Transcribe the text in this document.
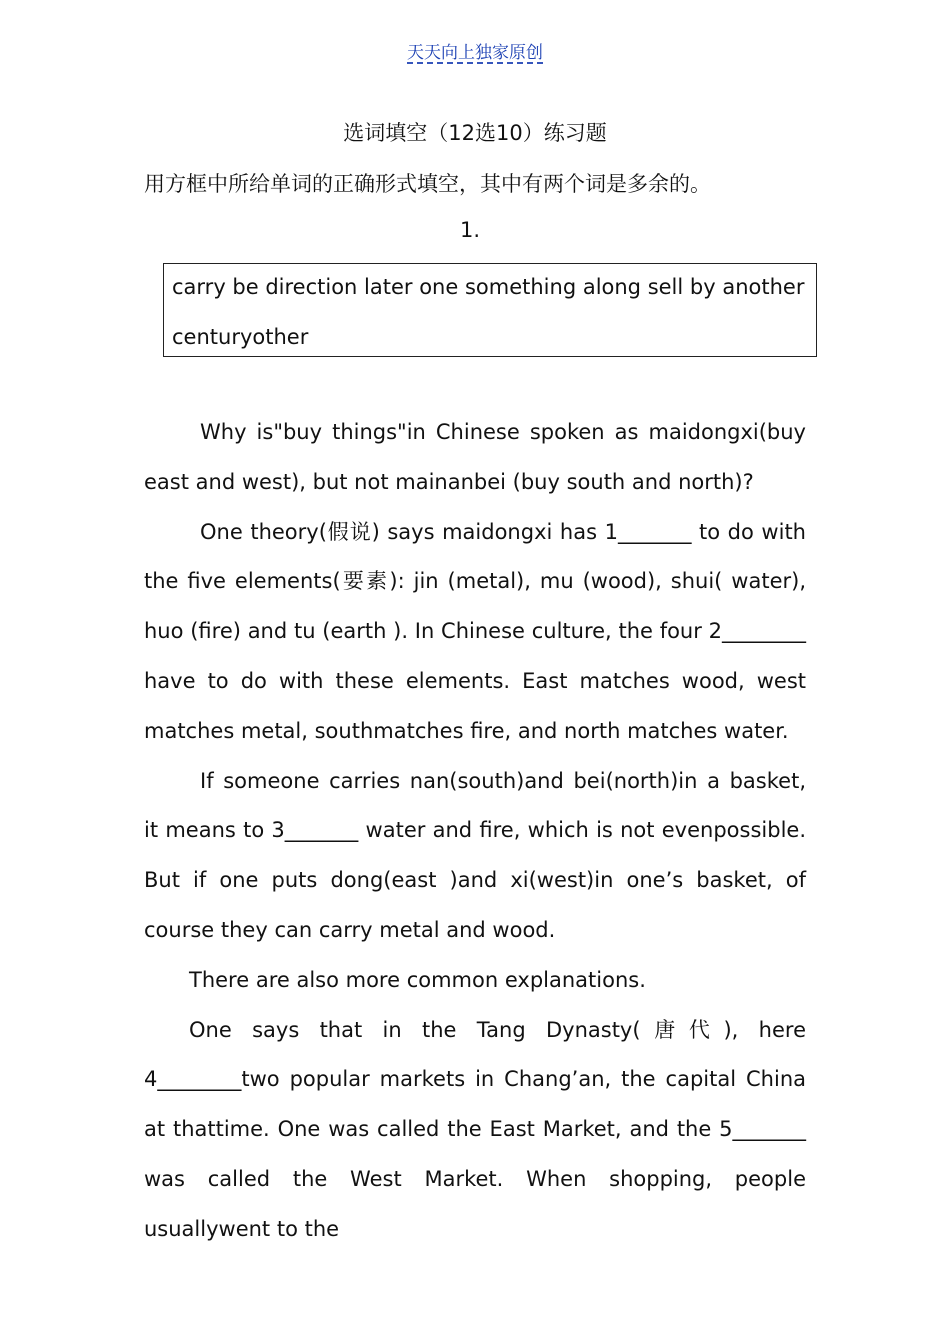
天天向上独家原创
选词填空（12选10）练习题
用方框中所给单词的正确形式填空，其中有两个词是多余的。
1.
carry be direction later one something along sell by another
centuryother

Why is"buy things"in Chinese spoken as maidongxi(buy east and west), but not mainanbei (buy south and north)?

One theory(假说) says maidongxi has 1_______ to do with the five elements(要素): jin (metal), mu (wood), shui( water), huo (fire) and tu (earth ). In Chinese culture, the four 2________ have to do with these elements. East matches wood, west matches metal, southmatches fire, and north matches water.

If someone carries nan(south)and bei(north)in a basket, it means to 3_______ water and fire, which is not evenpossible. But if one puts dong(east )and xi(west)in one’s basket, of course they can carry metal and wood.

There are also more common explanations.

One says that in the Tang Dynasty(唐代), here 4________two popular markets in Chang’an, the capital China at thattime. One was called the East Market, and the 5_______ was called the West Market. When shopping, people usuallywent to the
